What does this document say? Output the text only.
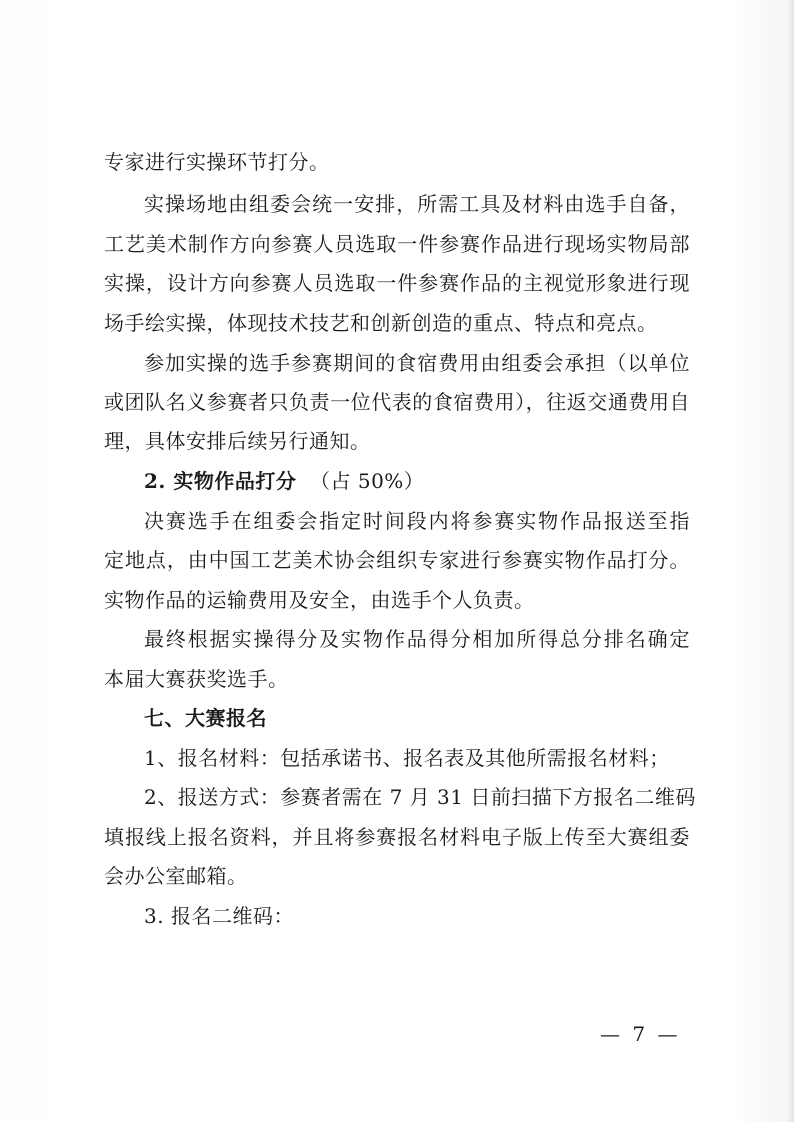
专家进行实操环节打分。
实操场地由组委会统一安排，所需工具及材料由选手自备，
工艺美术制作方向参赛人员选取一件参赛作品进行现场实物局部
实操，设计方向参赛人员选取一件参赛作品的主视觉形象进行现
场手绘实操，体现技术技艺和创新创造的重点、特点和亮点。
参加实操的选手参赛期间的食宿费用由组委会承担（以单位
或团队名义参赛者只负责一位代表的食宿费用），往返交通费用自
理，具体安排后续另行通知。
2. 实物作品打分 （占 50%）
决赛选手在组委会指定时间段内将参赛实物作品报送至指
定地点，由中国工艺美术协会组织专家进行参赛实物作品打分。
实物作品的运输费用及安全，由选手个人负责。
最终根据实操得分及实物作品得分相加所得总分排名确定
本届大赛获奖选手。
七、大赛报名
1、报名材料：包括承诺书、报名表及其他所需报名材料；
2、报送方式：参赛者需在 7 月 31 日前扫描下方报名二维码
填报线上报名资料，并且将参赛报名材料电子版上传至大赛组委
会办公室邮箱。
3. 报名二维码：
— 7 —
